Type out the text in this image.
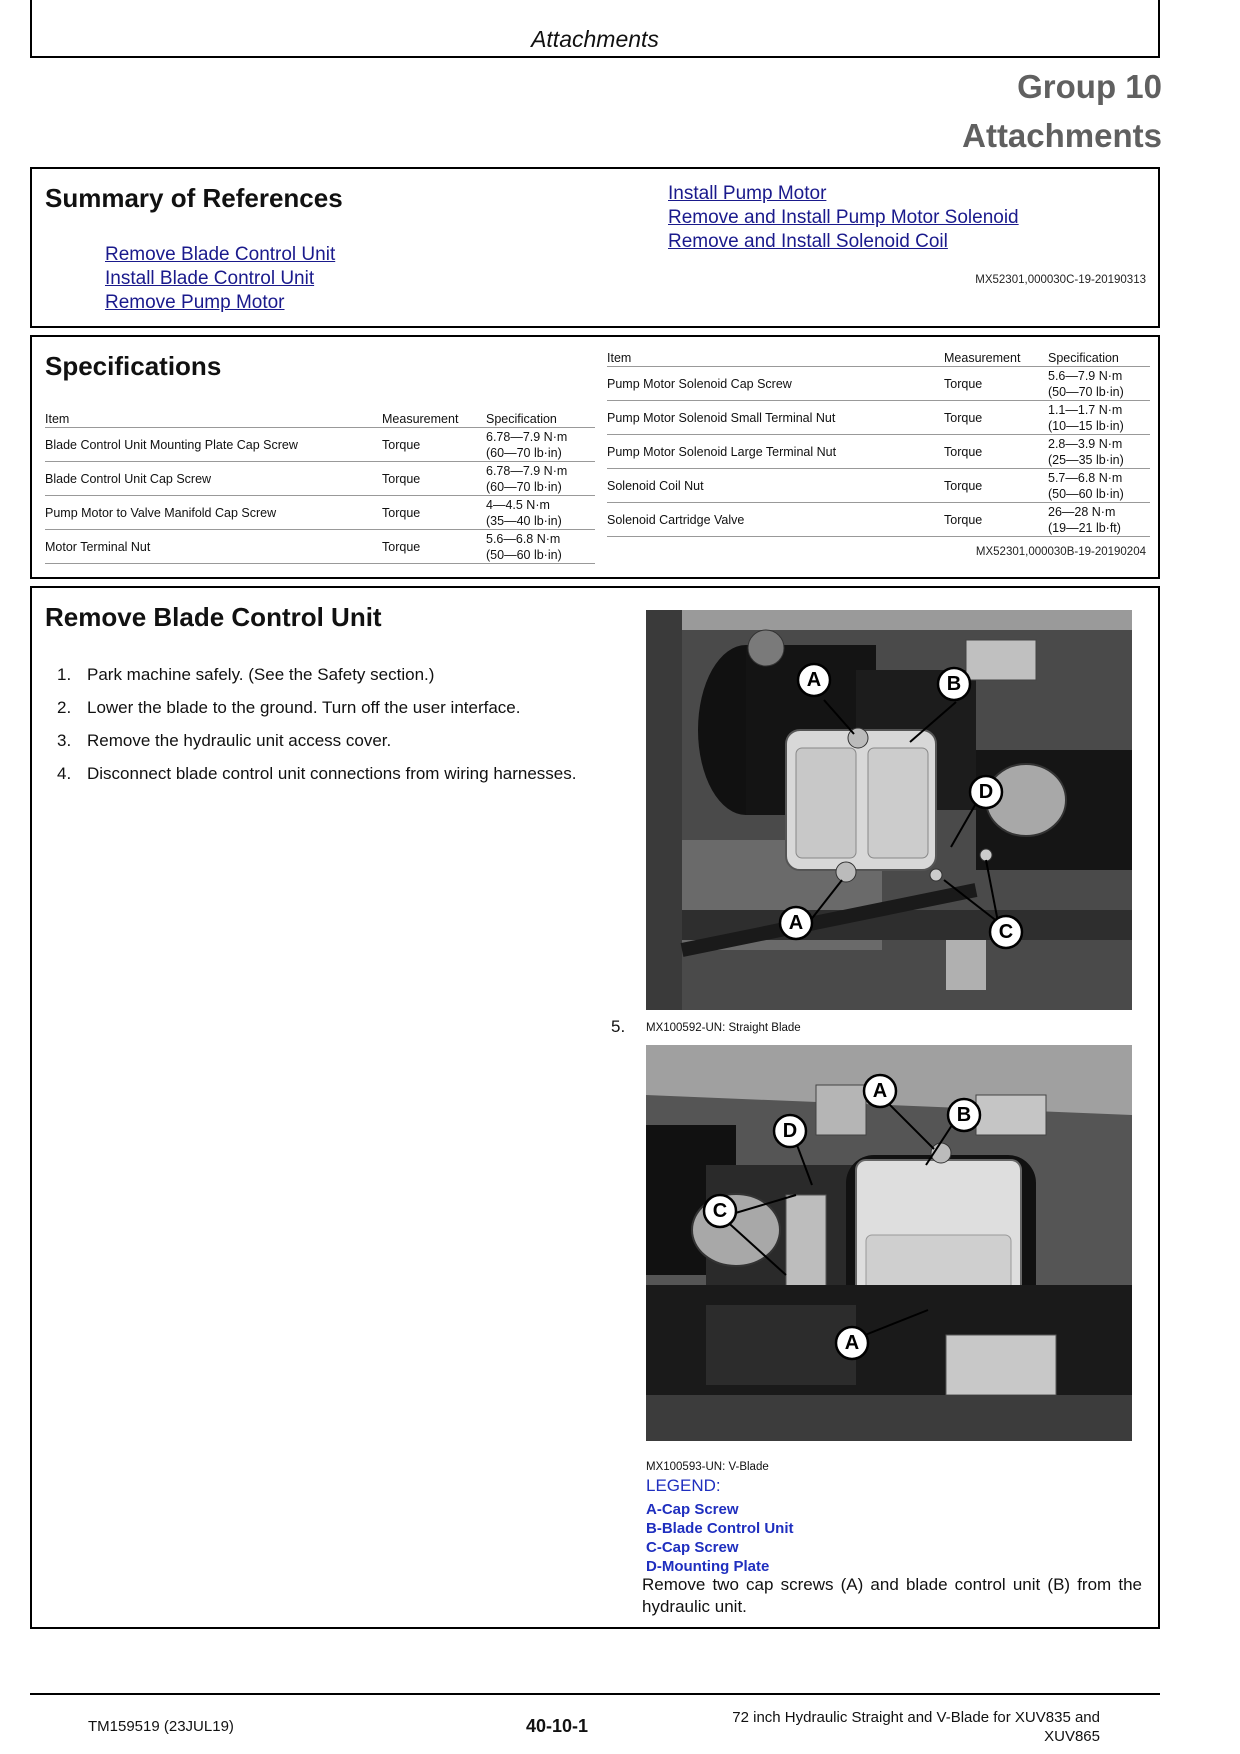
Attachments
Group 10
Attachments
Summary of References
Remove Blade Control Unit
Install Blade Control Unit
Remove Pump Motor
Install Pump Motor
Remove and Install Pump Motor Solenoid
Remove and Install Solenoid Coil
MX52301,000030C-19-20190313
Specifications
Item	Measurement	Specification
Blade Control Unit Mounting Plate Cap Screw	Torque	6.78—7.9 N·m
(60—70 lb·in)
Blade Control Unit Cap Screw	Torque	6.78—7.9 N·m
(60—70 lb·in)
Pump Motor to Valve Manifold Cap Screw	Torque	4—4.5 N·m
(35—40 lb·in)
Motor Terminal Nut	Torque	5.6—6.8 N·m
(50—60 lb·in)
Item	Measurement	Specification
Pump Motor Solenoid Cap Screw	Torque	5.6—7.9 N·m
(50—70 lb·in)
Pump Motor Solenoid Small Terminal Nut	Torque	1.1—1.7 N·m
(10—15 lb·in)
Pump Motor Solenoid Large Terminal Nut	Torque	2.8—3.9 N·m
(25—35 lb·in)
Solenoid Coil Nut	Torque	5.7—6.8 N·m
(50—60 lb·in)
Solenoid Cartridge Valve	Torque	26—28 N·m
(19—21 lb·ft)
MX52301,000030B-19-20190204
Remove Blade Control Unit
1. Park machine safely. (See the Safety section.)
2. Lower the blade to the ground. Turn off the user interface.
3. Remove the hydraulic unit access cover.
4. Disconnect blade control unit connections from wiring harnesses.
A	B
D
A	C
5. MX100592-UN: Straight Blade
A
B
D
C
A
MX100593-UN: V-Blade
LEGEND:
A-Cap Screw
B-Blade Control Unit
C-Cap Screw
D-Mounting Plate
Remove two cap screws (A) and blade control unit (B) from the hydraulic unit.
TM159519 (23JUL19)	40-10-1	72 inch Hydraulic Straight and V-Blade for XUV835 and XUV865
